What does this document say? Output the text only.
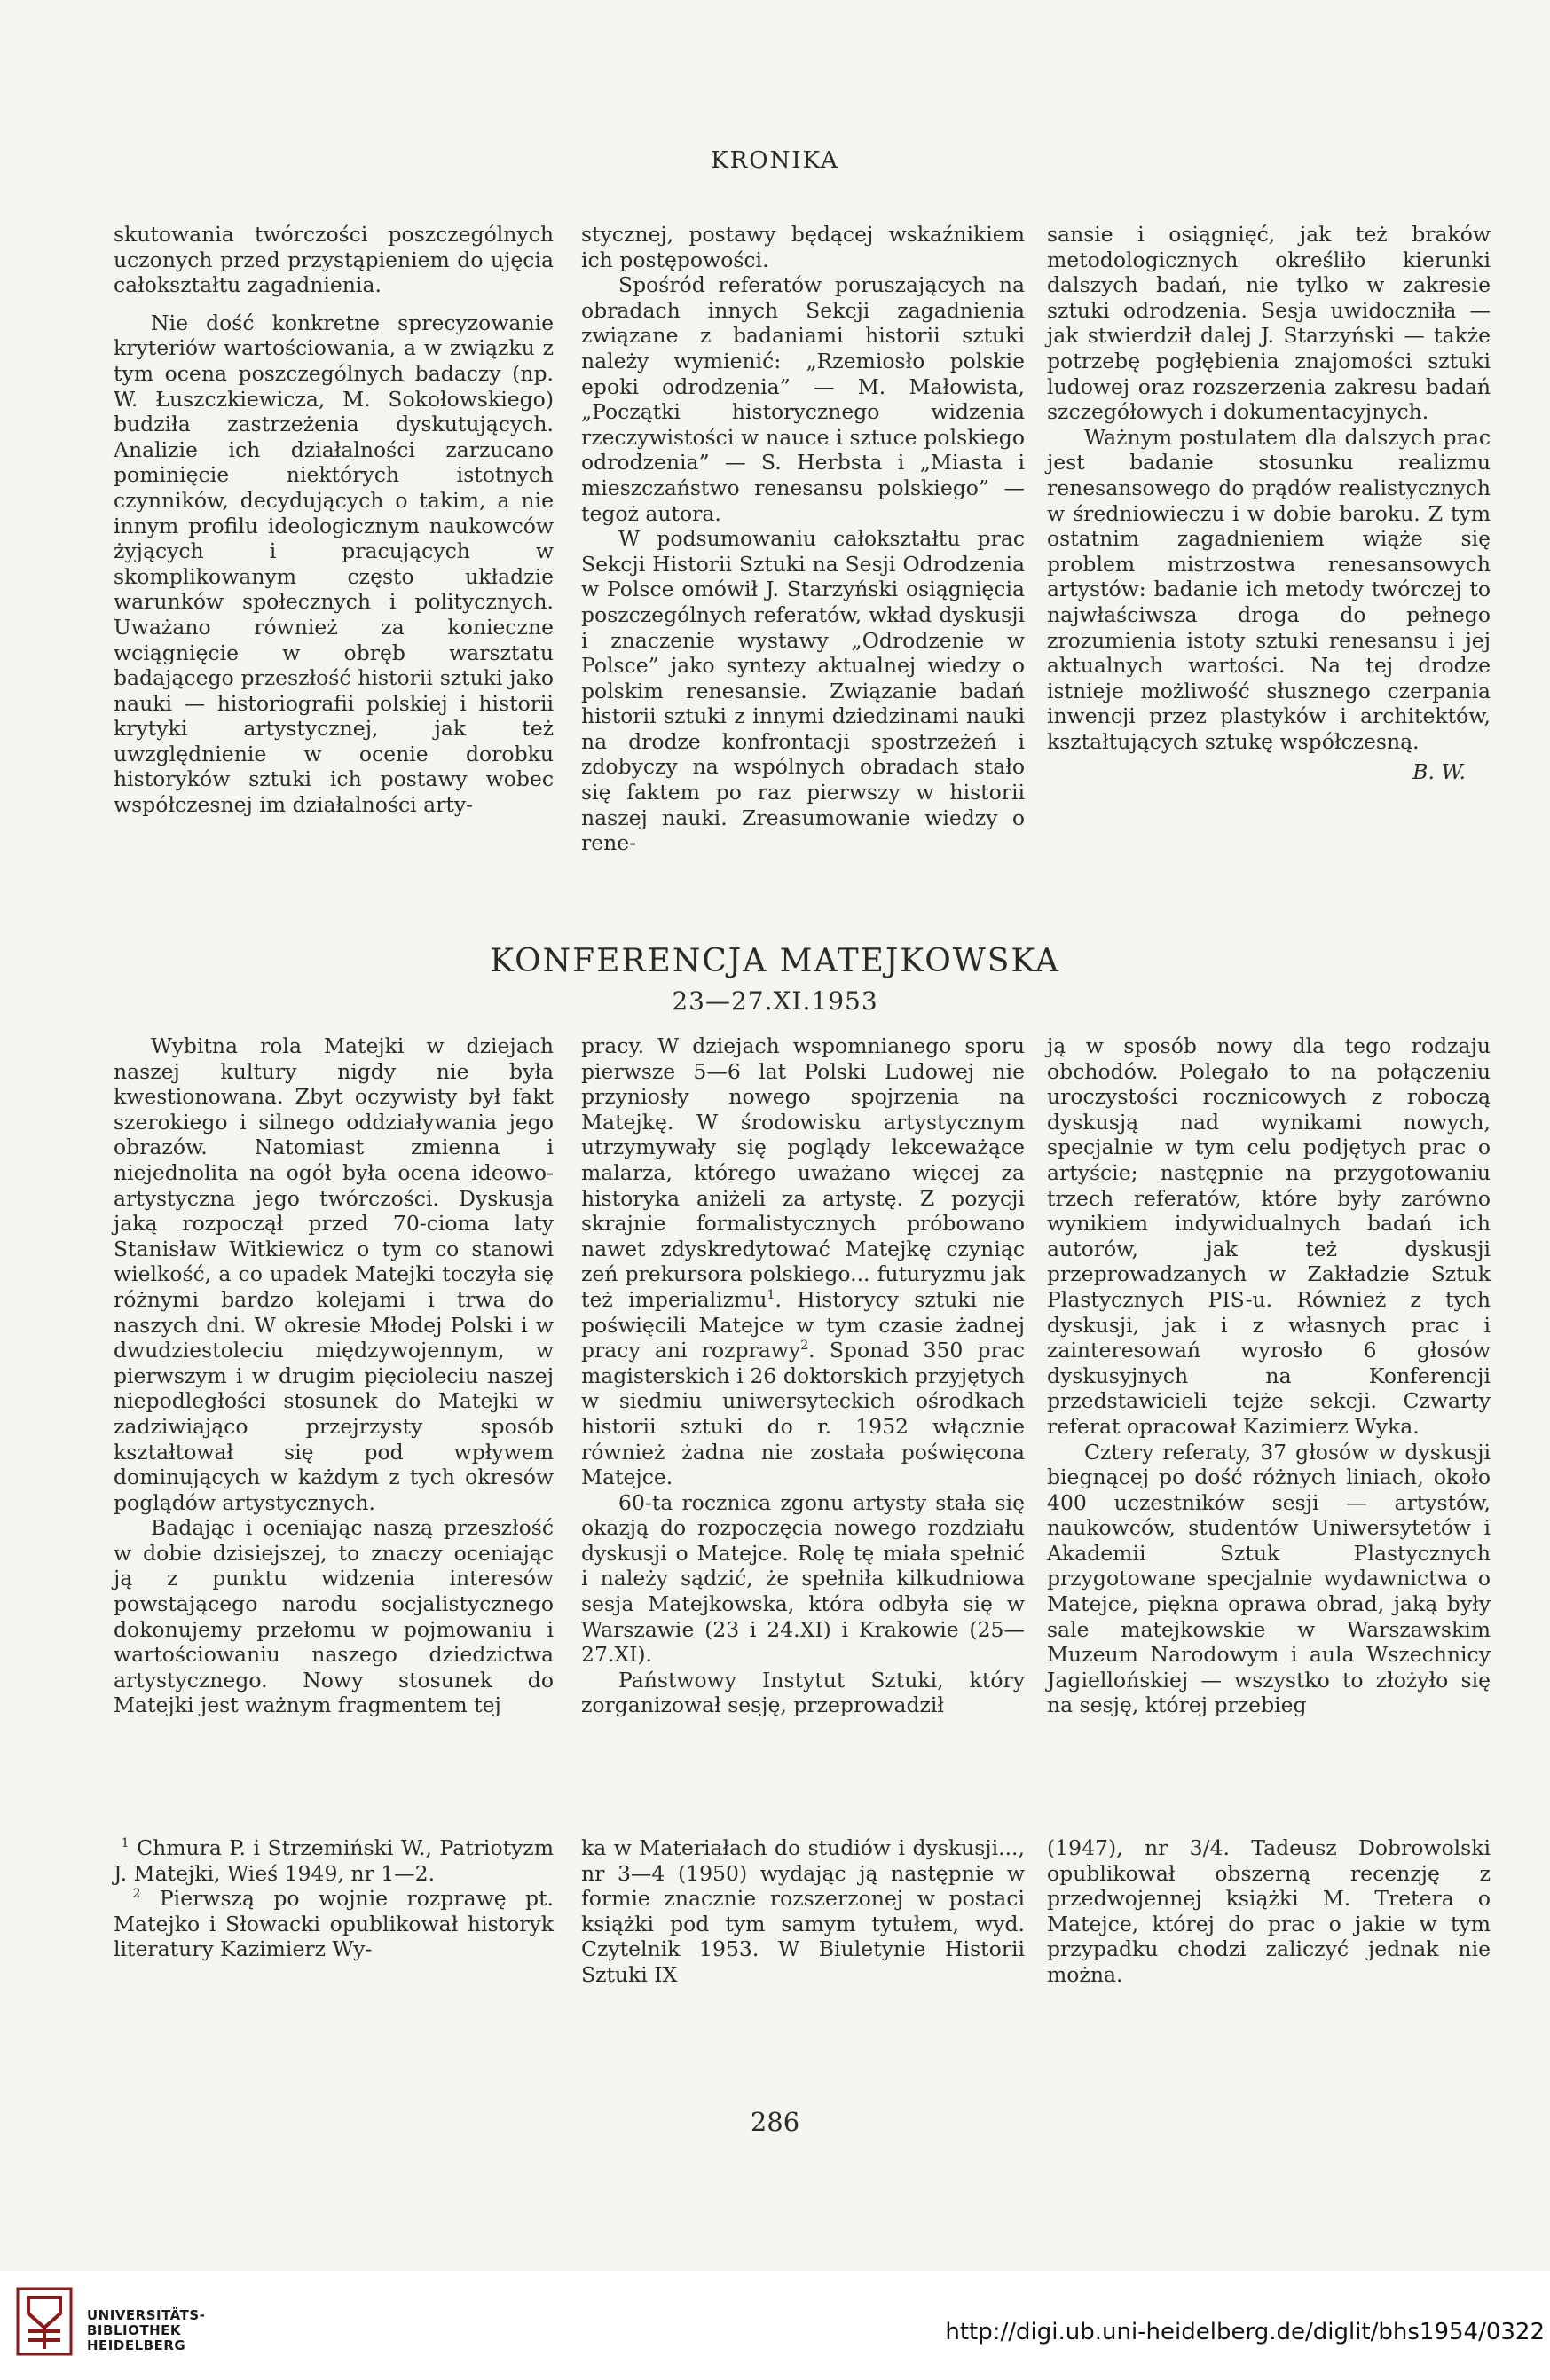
KRONIKA

skutowania twórczości poszczególnych uczonych przed przystąpieniem do ujęcia całokształtu zagadnienia.

Nie dość konkretne sprecyzowanie kryteriów wartościowania, a w związku z tym ocena poszczególnych badaczy (np. W. Łuszczkiewicza, M. Sokołowskiego) budziła zastrzeżenia dyskutujących. Analizie ich działalności zarzucano pominięcie niektórych istotnych czynników, decydujących o takim, a nie innym profilu ideologicznym naukowców żyjących i pracujących w skomplikowanym często układzie warunków społecznych i politycznych. Uważano również za konieczne wciągnięcie w obręb warsztatu badającego przeszłość historii sztuki jako nauki — historiografii polskiej i historii krytyki artystycznej, jak też uwzględnienie w ocenie dorobku historyków sztuki ich postawy wobec współczesnej im działalności arty-

stycznej, postawy będącej wskaźnikiem ich postępowości.

Spośród referatów poruszających na obradach innych Sekcji zagadnienia związane z badaniami historii sztuki należy wymienić: „Rzemiosło polskie epoki odrodzenia” — M. Małowista, „Początki historycznego widzenia rzeczywistości w nauce i sztuce polskiego odrodzenia” — S. Herbsta i „Miasta i mieszczaństwo renesansu polskiego” — tegoż autora.

W podsumowaniu całokształtu prac Sekcji Historii Sztuki na Sesji Odrodzenia w Polsce omówił J. Starzyński osiągnięcia poszczególnych referatów, wkład dyskusji i znaczenie wystawy „Odrodzenie w Polsce” jako syntezy aktualnej wiedzy o polskim renesansie. Związanie badań historii sztuki z innymi dziedzinami nauki na drodze konfrontacji spostrzeżeń i zdobyczy na wspólnych obradach stało się faktem po raz pierwszy w historii naszej nauki. Zreasumowanie wiedzy o rene-

sansie i osiągnięć, jak też braków metodologicznych określiło kierunki dalszych badań, nie tylko w zakresie sztuki odrodzenia. Sesja uwidoczniła — jak stwierdził dalej J. Starzyński — także potrzebę pogłębienia znajomości sztuki ludowej oraz rozszerzenia zakresu badań szczegółowych i dokumentacyjnych.

Ważnym postulatem dla dalszych prac jest badanie stosunku realizmu renesansowego do prądów realistycznych w średniowieczu i w dobie baroku. Z tym ostatnim zagadnieniem wiąże się problem mistrzostwa renesansowych artystów: badanie ich metody twórczej to najwłaściwsza droga do pełnego zrozumienia istoty sztuki renesansu i jej aktualnych wartości. Na tej drodze istnieje możliwość słusznego czerpania inwencji przez plastyków i architektów, kształtujących sztukę współczesną.

B. W.

KONFERENCJA MATEJKOWSKA
23—27.XI.1953

Wybitna rola Matejki w dziejach naszej kultury nigdy nie była kwestionowana. Zbyt oczywisty był fakt szerokiego i silnego oddziaływania jego obrazów. Natomiast zmienna i niejednolita na ogół była ocena ideowo-artystyczna jego twórczości. Dyskusja jaką rozpoczął przed 70-cioma laty Stanisław Witkiewicz o tym co stanowi wielkość, a co upadek Matejki toczyła się różnymi bardzo kolejami i trwa do naszych dni. W okresie Młodej Polski i w dwudziestoleciu międzywojennym, w pierwszym i w drugim pięcioleciu naszej niepodległości stosunek do Matejki w zadziwiająco przejrzysty sposób kształtował się pod wpływem dominujących w każdym z tych okresów poglądów artystycznych.

Badając i oceniając naszą przeszłość w dobie dzisiejszej, to znaczy oceniając ją z punktu widzenia interesów powstającego narodu socjalistycznego dokonujemy przełomu w pojmowaniu i wartościowaniu naszego dziedzictwa artystycznego. Nowy stosunek do Matejki jest ważnym fragmentem tej

pracy. W dziejach wspomnianego sporu pierwsze 5—6 lat Polski Ludowej nie przyniosły nowego spojrzenia na Matejkę. W środowisku artystycznym utrzymywały się poglądy lekceważące malarza, którego uważano więcej za historyka aniżeli za artystę. Z pozycji skrajnie formalistycznych próbowano nawet zdyskredytować Matejkę czyniąc zeń prekursora polskiego... futuryzmu jak też imperializmu$^1$. Historycy sztuki nie poświęcili Matejce w tym czasie żadnej pracy ani rozprawy$^2$. Sponad 350 prac magisterskich i 26 doktorskich przyjętych w siedmiu uniwersyteckich ośrodkach historii sztuki do r. 1952 włącznie również żadna nie została poświęcona Matejce.

60-ta rocznica zgonu artysty stała się okazją do rozpoczęcia nowego rozdziału dyskusji o Matejce. Rolę tę miała spełnić i należy sądzić, że spełniła kilkudniowa sesja Matejkowska, która odbyła się w Warszawie (23 i 24.XI) i Krakowie (25—27.XI).

Państwowy Instytut Sztuki, który zorganizował sesję, przeprowadził

ją w sposób nowy dla tego rodzaju obchodów. Polegało to na połączeniu uroczystości rocznicowych z roboczą dyskusją nad wynikami nowych, specjalnie w tym celu podjętych prac o artyście; następnie na przygotowaniu trzech referatów, które były zarówno wynikiem indywidualnych badań ich autorów, jak też dyskusji przeprowadzanych w Zakładzie Sztuk Plastycznych PIS-u. Również z tych dyskusji, jak i z własnych prac i zainteresowań wyrosło 6 głosów dyskusyjnych na Konferencji przedstawicieli tejże sekcji. Czwarty referat opracował Kazimierz Wyka.

Cztery referaty, 37 głosów w dyskusji biegnącej po dość różnych liniach, około 400 uczestników sesji — artystów, naukowców, studentów Uniwersytetów i Akademii Sztuk Plastycznych przygotowane specjalnie wydawnictwa o Matejce, piękna oprawa obrad, jaką były sale matejkowskie w Warszawskim Muzeum Narodowym i aula Wszechnicy Jagiellońskiej — wszystko to złożyło się na sesję, której przebieg

$^1$ Chmura P. i Strzemiński W., Patriotyzm J. Matejki, Wieś 1949, nr 1—2.

$^2$ Pierwszą po wojnie rozprawę pt. Matejko i Słowacki opublikował historyk literatury Kazimierz Wy-

ka w Materiałach do studiów i dyskusji..., nr 3—4 (1950) wydając ją następnie w formie znacznie rozszerzonej w postaci książki pod tym samym tytułem, wyd. Czytelnik 1953. W Biuletynie Historii Sztuki IX

(1947), nr 3/4. Tadeusz Dobrowolski opublikował obszerną recenzję z przedwojennej książki M. Tretera o Matejce, której do prac o jakie w tym przypadku chodzi zaliczyć jednak nie można.

286
UNIVERSITÄTS-
BIBLIOTHEK
HEIDELBERG	http://digi.ub.uni-heidelberg.de/diglit/bhs1954/0322
